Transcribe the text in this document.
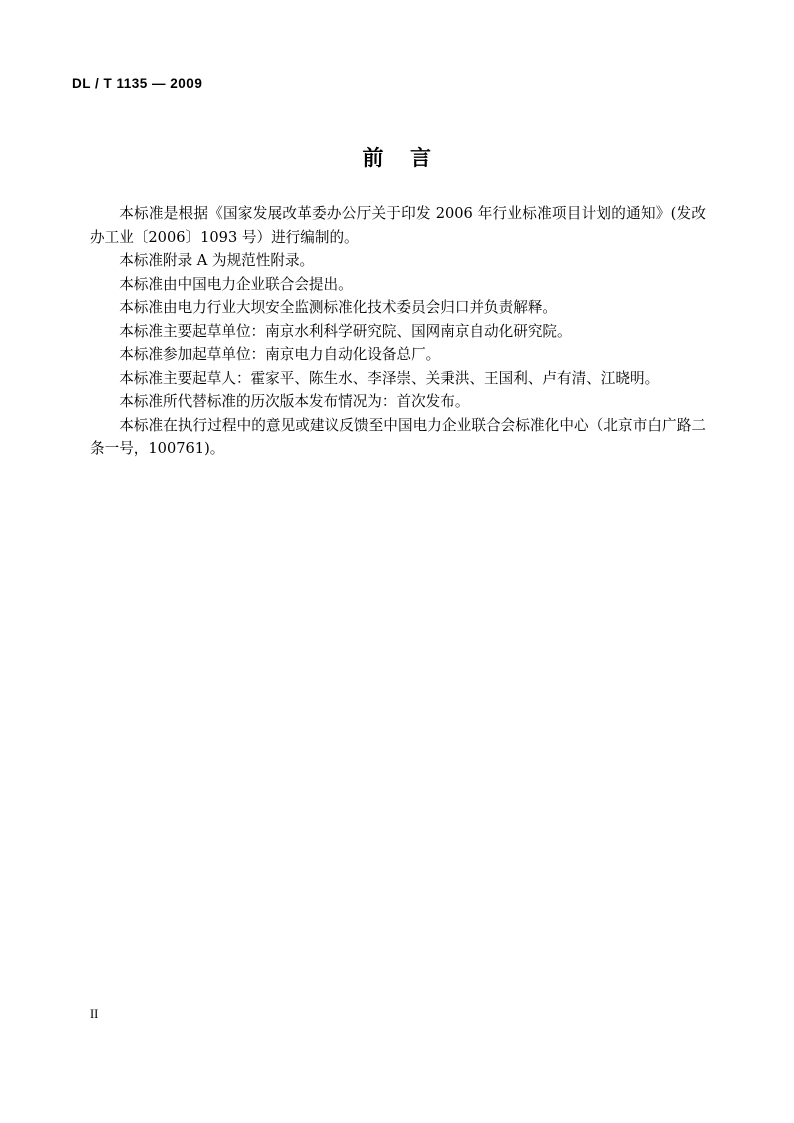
DL / T 1135 — 2009
前 言

本标准是根据《国家发展改革委办公厅关于印发 2006 年行业标准项目计划的通知》(发改办工业〔2006〕1093 号）进行编制的。

本标准附录 A 为规范性附录。

本标准由中国电力企业联合会提出。

本标准由电力行业大坝安全监测标准化技术委员会归口并负责解释。

本标准主要起草单位：南京水利科学研究院、国网南京自动化研究院。

本标准参加起草单位：南京电力自动化设备总厂。

本标准主要起草人：霍家平、陈生水、李泽崇、关秉洪、王国利、卢有清、江晓明。

本标准所代替标准的历次版本发布情况为：首次发布。

本标准在执行过程中的意见或建议反馈至中国电力企业联合会标准化中心（北京市白广路二条一号，100761)。

II
